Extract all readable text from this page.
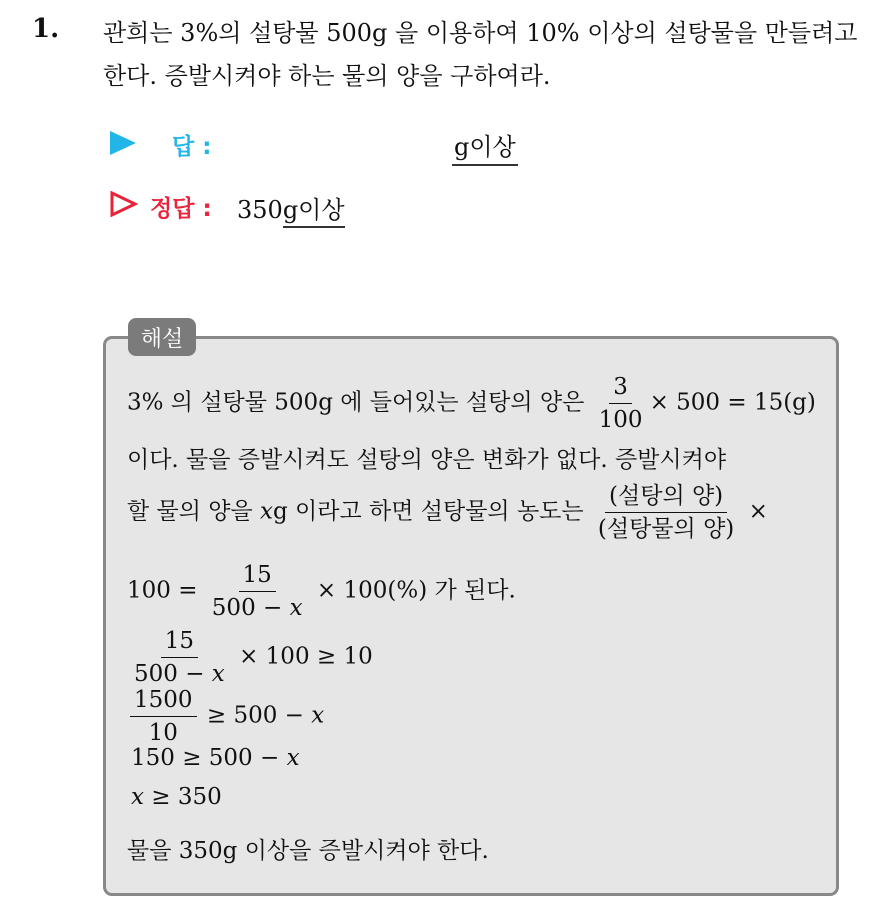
1. 관희는 3%의 설탕물 500g 을 이용하여 10% 이상의 설탕물을 만들려고 한다. 증발시켜야 하는 물의 양을 구하여라.
답 :	g이상
정답 : 350g이상
해설
3% 의 설탕물 500g 에 들어있는 설탕의 양은 $\frac{3}{100} \times 500 = 15(g)$
이다. 물을 증발시켜도 설탕의 양은 변화가 없다. 증발시켜야
할 물의 양을 xg 이라고 하면 설탕물의 농도는 $\frac{\text{(설탕의 양)}}{\text{(설탕물의 양)}}$ ×
$100 = \frac{15}{500 - x} \times 100(\%)$ 가 된다.
$\frac{15}{500 - x} \times 100 \ge 10$
$\frac{1500}{10} \ge 500 - x$
150 ≥ 500 − x
x ≥ 350
물을 350g 이상을 증발시켜야 한다.
